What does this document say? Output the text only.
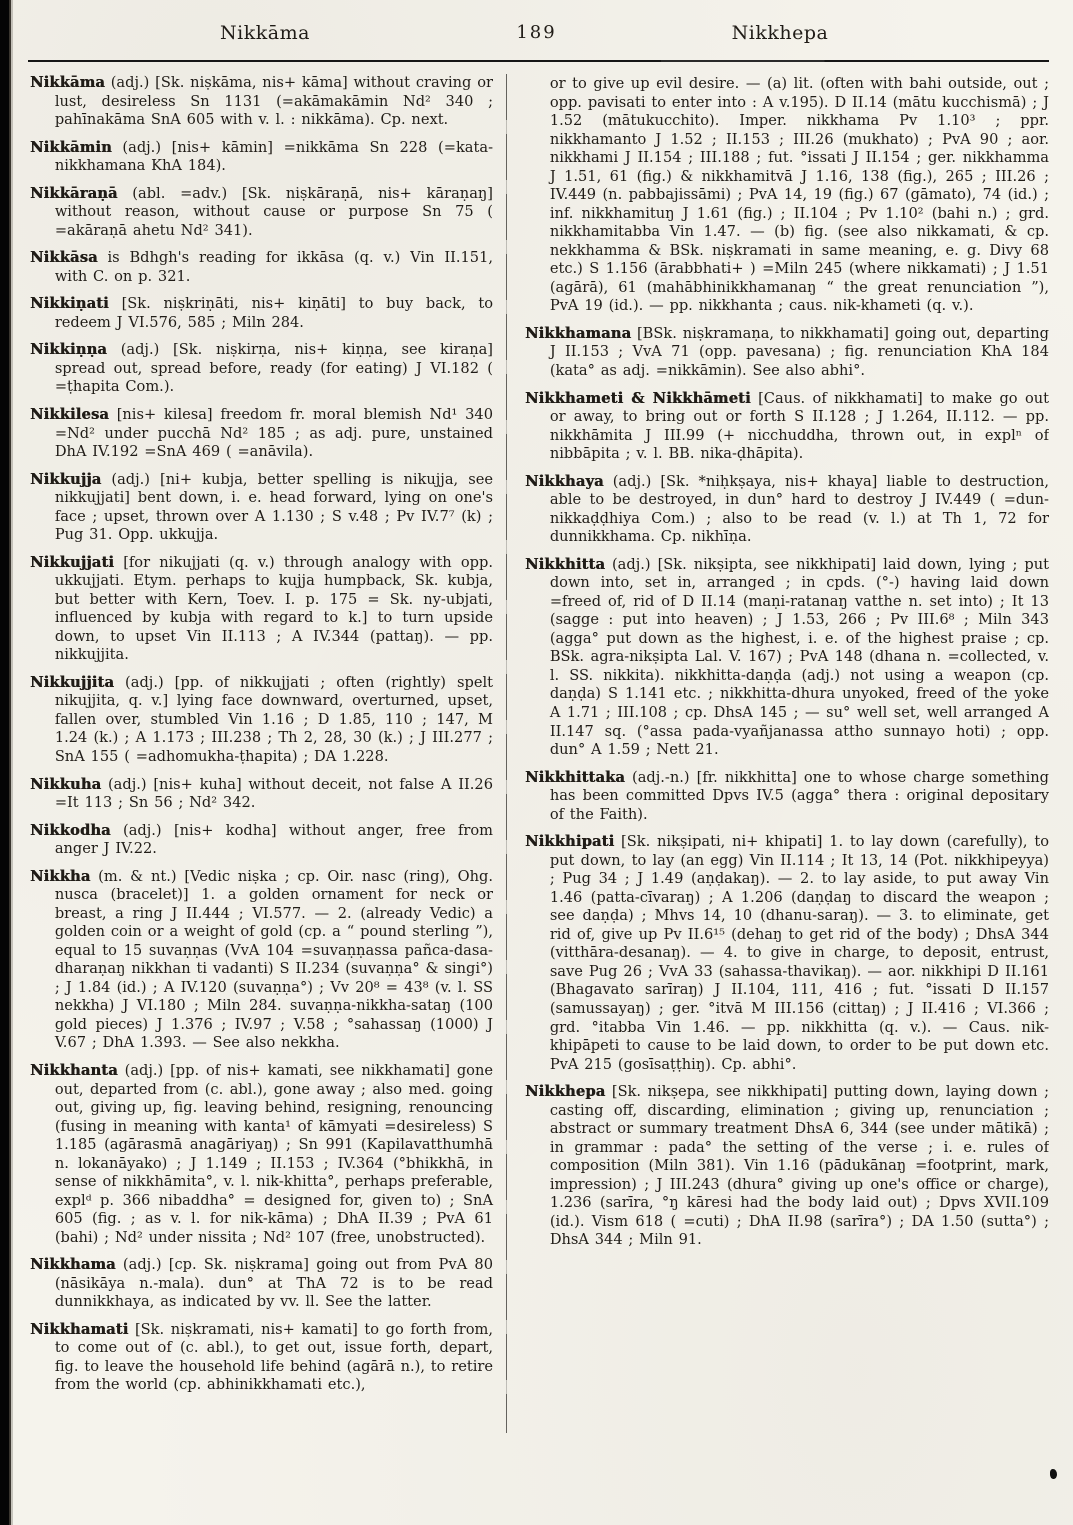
Nikkāma	189	Nikkhepa

Nikkāma (adj.) [Sk. niṣkāma, nis+ kāma] without craving or lust, desireless Sn 1131 (=akāmakāmin Nd² 340 ; pahīnakāma SnA 605 with v. l. : nikkāma). Cp. next.

Nikkāmin (adj.) [nis+ kāmin] =nikkāma Sn 228 (=kata-nikkhamana KhA 184).

Nikkāraṇā (abl. =adv.) [Sk. niṣkāraṇā, nis+ kāraṇaŋ] without reason, without cause or purpose Sn 75 ( =akāraṇā ahetu Nd² 341).

Nikkāsa is Bdhgh's reading for ikkāsa (q. v.) Vin II.151, with C. on p. 321.

Nikkiṇati [Sk. niṣkriṇāti, nis+ kiṇāti] to buy back, to redeem J VI.576, 585 ; Miln 284.

Nikkiṇṇa (adj.) [Sk. niṣkirṇa, nis+ kiṇṇa, see kiraṇa] spread out, spread before, ready (for eating) J VI.182 ( =ṭhapita Com.).

Nikkilesa [nis+ kilesa] freedom fr. moral blemish Nd¹ 340 =Nd² under pucchā Nd² 185 ; as adj. pure, unstained DhA IV.192 =SnA 469 ( =anāvila).

Nikkujja (adj.) [ni+ kubja, better spelling is nikujja, see nikkujjati] bent down, i. e. head forward, lying on one's face ; upset, thrown over A 1.130 ; S v.48 ; Pv IV.7⁷ (k) ; Pug 31. Opp. ukkujja.

Nikkujjati [for nikujjati (q. v.) through analogy with opp. ukkujjati. Etym. perhaps to kujja humpback, Sk. kubja, but better with Kern, Toev. I. p. 175 = Sk. ny-ubjati, influenced by kubja with regard to k.] to turn upside down, to upset Vin II.113 ; A IV.344 (pattaŋ). — pp. nikkujjita.

Nikkujjita (adj.) [pp. of nikkujjati ; often (rightly) spelt nikujjita, q. v.] lying face downward, overturned, upset, fallen over, stumbled Vin 1.16 ; D 1.85, 110 ; 147, M 1.24 (k.) ; A 1.173 ; III.238 ; Th 2, 28, 30 (k.) ; J III.277 ; SnA 155 ( =adhomukha-ṭhapita) ; DA 1.228.

Nikkuha (adj.) [nis+ kuha] without deceit, not false A II.26 =It 113 ; Sn 56 ; Nd² 342.

Nikkodha (adj.) [nis+ kodha] without anger, free from anger J IV.22.

Nikkha (m. & nt.) [Vedic niṣka ; cp. Oir. nasc (ring), Ohg. nusca (bracelet)] 1. a golden ornament for neck or breast, a ring J II.444 ; VI.577. — 2. (already Vedic) a golden coin or a weight of gold (cp. a “ pound sterling ”), equal to 15 suvaṇṇas (VvA 104 =suvaṇṇassa pañca-dasa-dharaṇaŋ nikkhan ti vadanti) S II.234 (suvaṇṇa° & singi°) ; J 1.84 (id.) ; A IV.120 (suvaṇṇa°) ; Vv 20⁸ = 43⁸ (v. l. SS nekkha) J VI.180 ; Miln 284. suvaṇṇa-nikkha-sataŋ (100 gold pieces) J 1.376 ; IV.97 ; V.58 ; °sahassaŋ (1000) J V.67 ; DhA 1.393. — See also nekkha.

Nikkhanta (adj.) [pp. of nis+ kamati, see nikkhamati] gone out, departed from (c. abl.), gone away ; also med. going out, giving up, fig. leaving behind, resigning, renouncing (fusing in meaning with kanta¹ of kāmyati =desireless) S 1.185 (agārasmā anagāriyaŋ) ; Sn 991 (Kapilavatthumhā n. lokanāyako) ; J 1.149 ; II.153 ; IV.364 (°bhikkhā, in sense of nikkhāmita°, v. l. nik-khitta°, perhaps preferable, explᵈ p. 366 nibaddha° = designed for, given to) ; SnA 605 (fig. ; as v. l. for nik-kāma) ; DhA II.39 ; PvA 61 (bahi) ; Nd² under nissita ; Nd² 107 (free, unobstructed).

Nikkhama (adj.) [cp. Sk. niṣkrama] going out from PvA 80 (nāsikāya n.-mala). dun° at ThA 72 is to be read dunnikkhaya, as indicated by vv. ll. See the latter.

Nikkhamati [Sk. niṣkramati, nis+ kamati] to go forth from, to come out of (c. abl.), to get out, issue forth, depart, fig. to leave the household life behind (agārā n.), to retire from the world (cp. abhinikkhamati etc.),

or to give up evil desire. — (a) lit. (often with bahi outside, out ; opp. pavisati to enter into : A v.195). D II.14 (mātu kucchismā) ; J 1.52 (mātukucchito). Imper. nikkhama Pv 1.10³ ; ppr. nikkhamanto J 1.52 ; II.153 ; III.26 (mukhato) ; PvA 90 ; aor. nikkhami J II.154 ; III.188 ; fut. °issati J II.154 ; ger. nikkhamma J 1.51, 61 (fig.) & nikkhamitvā J 1.16, 138 (fig.), 265 ; III.26 ; IV.449 (n. pabbajissāmi) ; PvA 14, 19 (fig.) 67 (gāmato), 74 (id.) ; inf. nikkhamituŋ J 1.61 (fig.) ; II.104 ; Pv 1.10² (bahi n.) ; grd. nikkhamitabba Vin 1.47. — (b) fig. (see also nikkamati, & cp. nekkhamma & BSk. niṣkramati in same meaning, e. g. Divy 68 etc.) S 1.156 (ārabbhati+ ) =Miln 245 (where nikkamati) ; J 1.51 (agārā), 61 (mahābhinikkhamanaŋ “ the great renunciation ”), PvA 19 (id.). — pp. nikkhanta ; caus. nik-khameti (q. v.).

Nikkhamana [BSk. niṣkramaṇa, to nikkhamati] going out, departing J II.153 ; VvA 71 (opp. pavesana) ; fig. renunciation KhA 184 (kata° as adj. =nikkāmin). See also abhi°.

Nikkhameti & Nikkhāmeti [Caus. of nikkhamati] to make go out or away, to bring out or forth S II.128 ; J 1.264, II.112. — pp. nikkhāmita J III.99 (+ nicchuddha, thrown out, in explⁿ of nibbāpita ; v. l. BB. nika-ḍhāpita).

Nikkhaya (adj.) [Sk. *niḥkṣaya, nis+ khaya] liable to destruction, able to be destroyed, in dun° hard to destroy J IV.449 ( =dun-nikkaḍḍhiya Com.) ; also to be read (v. l.) at Th 1, 72 for dunnikkhama. Cp. nikhīṇa.

Nikkhitta (adj.) [Sk. nikṣipta, see nikkhipati] laid down, lying ; put down into, set in, arranged ; in cpds. (°-) having laid down =freed of, rid of D II.14 (maṇi-ratanaŋ vatthe n. set into) ; It 13 (sagge : put into heaven) ; J 1.53, 266 ; Pv III.6⁸ ; Miln 343 (agga° put down as the highest, i. e. of the highest praise ; cp. BSk. agra-nikṣipta Lal. V. 167) ; PvA 148 (dhana n. =collected, v. l. SS. nikkita). nikkhitta-daṇḍa (adj.) not using a weapon (cp. daṇḍa) S 1.141 etc. ; nikkhitta-dhura unyoked, freed of the yoke A 1.71 ; III.108 ; cp. DhsA 145 ; — su° well set, well arranged A II.147 sq. (°assa pada-vyañjanassa attho sunnayo hoti) ; opp. dun° A 1.59 ; Nett 21.

Nikkhittaka (adj.-n.) [fr. nikkhitta] one to whose charge something has been committed Dpvs IV.5 (agga° thera : original depositary of the Faith).

Nikkhipati [Sk. nikṣipati, ni+ khipati] 1. to lay down (carefully), to put down, to lay (an egg) Vin II.114 ; It 13, 14 (Pot. nikkhipeyya) ; Pug 34 ; J 1.49 (aṇḍakaŋ). — 2. to lay aside, to put away Vin 1.46 (patta-cīvaraŋ) ; A 1.206 (daṇḍaŋ to discard the weapon ; see daṇḍa) ; Mhvs 14, 10 (dhanu-saraŋ). — 3. to eliminate, get rid of, give up Pv II.6¹⁵ (dehaŋ to get rid of the body) ; DhsA 344 (vitthāra-desanaŋ). — 4. to give in charge, to deposit, entrust, save Pug 26 ; VvA 33 (sahassa-thavikaŋ). — aor. nikkhipi D II.161 (Bhagavato sarīraŋ) J II.104, 111, 416 ; fut. °issati D II.157 (samussayaŋ) ; ger. °itvā M III.156 (cittaŋ) ; J II.416 ; VI.366 ; grd. °itabba Vin 1.46. — pp. nikkhitta (q. v.). — Caus. nik-khipāpeti to cause to be laid down, to order to be put down etc. PvA 215 (gosīsaṭṭhiŋ). Cp. abhi°.

Nikkhepa [Sk. nikṣepa, see nikkhipati] putting down, laying down ; casting off, discarding, elimination ; giving up, renunciation ; abstract or summary treatment DhsA 6, 344 (see under mātikā) ; in grammar : pada° the setting of the verse ; i. e. rules of composition (Miln 381). Vin 1.16 (pādukānaŋ =footprint, mark, impression) ; J III.243 (dhura° giving up one's office or charge), 1.236 (sarīra, °ŋ kāresi had the body laid out) ; Dpvs XVII.109 (id.). Vism 618 ( =cuti) ; DhA II.98 (sarīra°) ; DA 1.50 (sutta°) ; DhsA 344 ; Miln 91.
